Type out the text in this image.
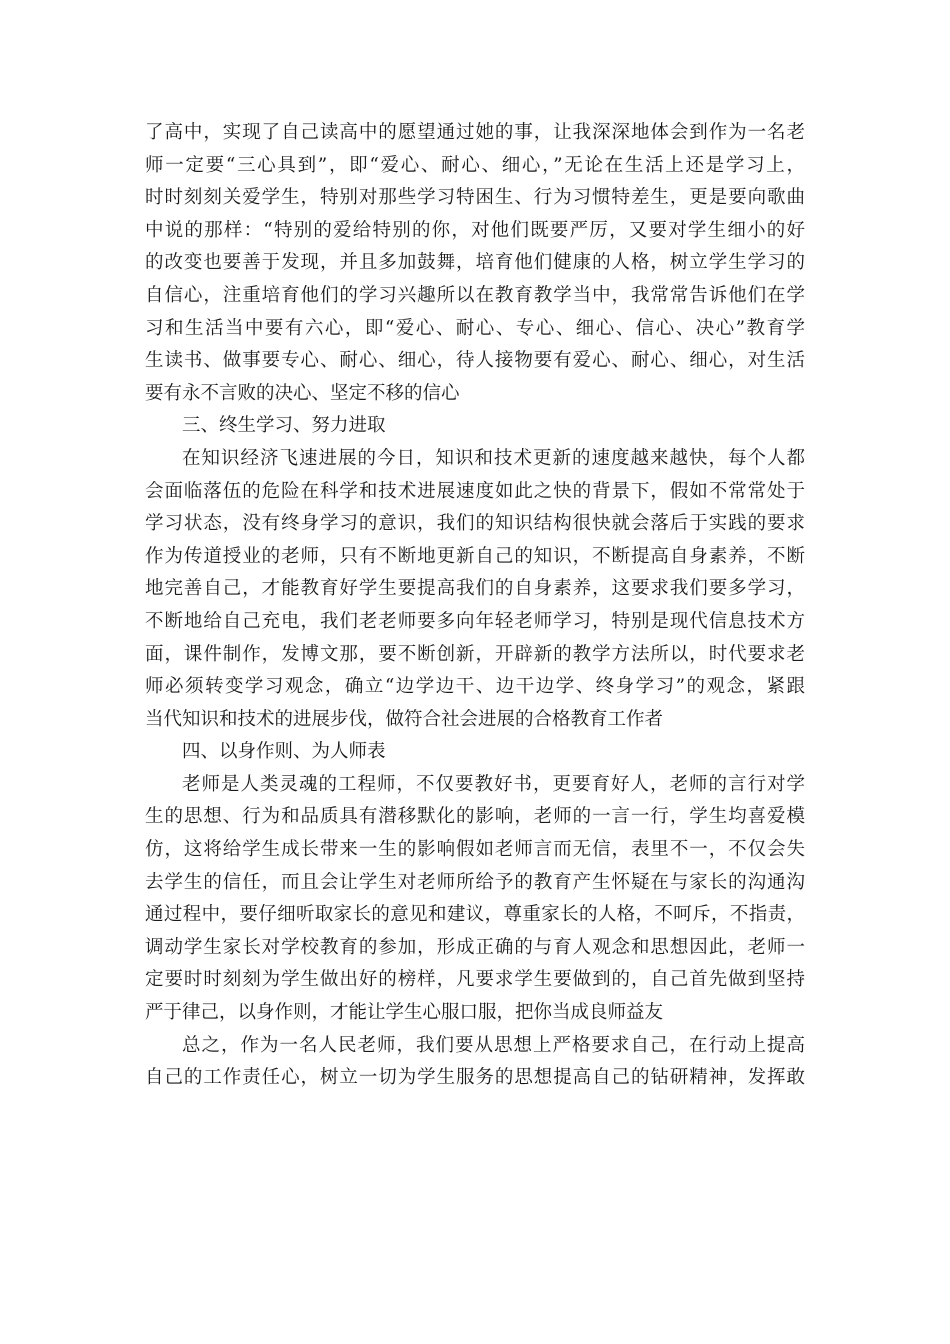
了高中，实现了自己读高中的愿望通过她的事，让我深深地体会到作为一名老
师一定要“三心具到”，即“爱心、耐心、细心，”无论在生活上还是学习上，
时时刻刻关爱学生，特别对那些学习特困生、行为习惯特差生，更是要向歌曲
中说的那样：“特别的爱给特别的你，对他们既要严厉，又要对学生细小的好
的改变也要善于发现，并且多加鼓舞，培育他们健康的人格，树立学生学习的
自信心，注重培育他们的学习兴趣所以在教育教学当中，我常常告诉他们在学
习和生活当中要有六心，即“爱心、耐心、专心、细心、信心、决心”教育学
生读书、做事要专心、耐心、细心，待人接物要有爱心、耐心、细心，对生活
要有永不言败的决心、坚定不移的信心
三、终生学习、努力进取
在知识经济飞速进展的今日，知识和技术更新的速度越来越快，每个人都
会面临落伍的危险在科学和技术进展速度如此之快的背景下，假如不常常处于
学习状态，没有终身学习的意识，我们的知识结构很快就会落后于实践的要求
作为传道授业的老师，只有不断地更新自己的知识，不断提高自身素养，不断
地完善自己，才能教育好学生要提高我们的自身素养，这要求我们要多学习，
不断地给自己充电，我们老老师要多向年轻老师学习，特别是现代信息技术方
面，课件制作，发博文那，要不断创新，开辟新的教学方法所以，时代要求老
师必须转变学习观念，确立“边学边干、边干边学、终身学习”的观念，紧跟
当代知识和技术的进展步伐，做符合社会进展的合格教育工作者
四、以身作则、为人师表
老师是人类灵魂的工程师，不仅要教好书，更要育好人，老师的言行对学
生的思想、行为和品质具有潜移默化的影响，老师的一言一行，学生均喜爱模
仿，这将给学生成长带来一生的影响假如老师言而无信，表里不一，不仅会失
去学生的信任，而且会让学生对老师所给予的教育产生怀疑在与家长的沟通沟
通过程中，要仔细听取家长的意见和建议，尊重家长的人格，不呵斥，不指责，
调动学生家长对学校教育的参加，形成正确的与育人观念和思想因此，老师一
定要时时刻刻为学生做出好的榜样，凡要求学生要做到的，自己首先做到坚持
严于律己，以身作则，才能让学生心服口服，把你当成良师益友
总之，作为一名人民老师，我们要从思想上严格要求自己，在行动上提高
自己的工作责任心，树立一切为学生服务的思想提高自己的钻研精神，发挥敢
